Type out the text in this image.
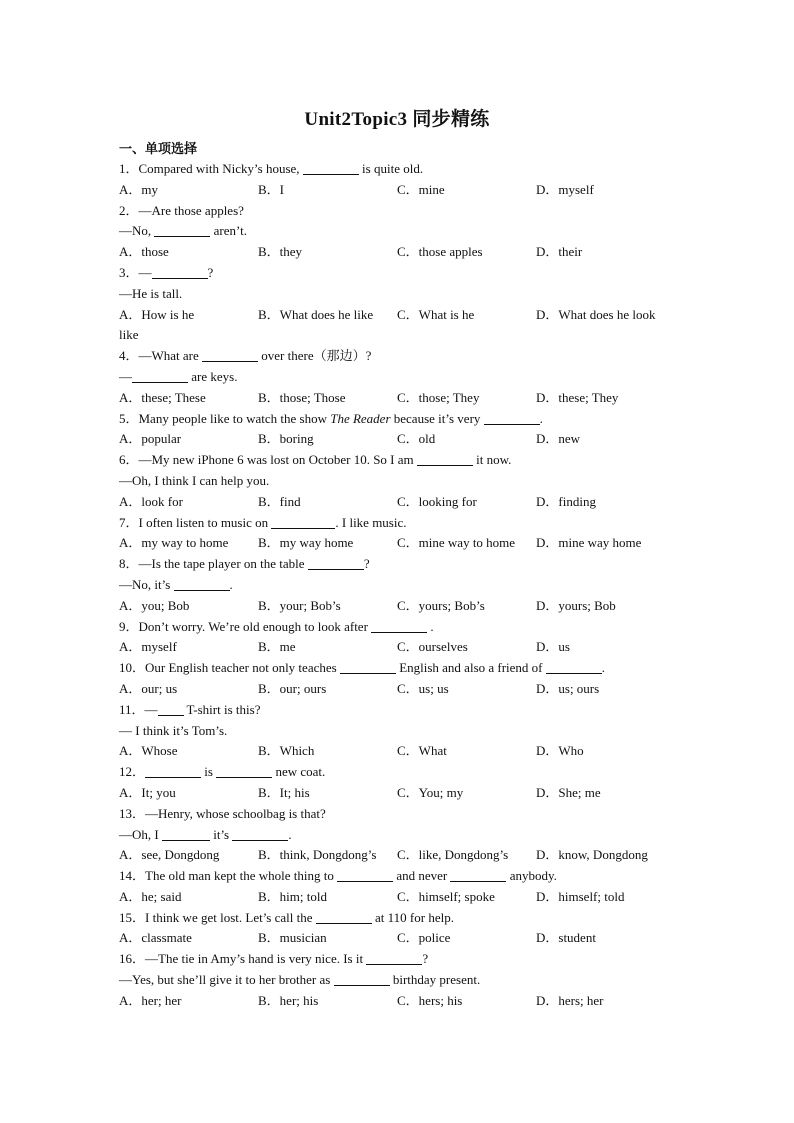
Unit2Topic3 同步精练
一、单项选择
1．Compared with Nicky’s house,	is quite old.
A．my	B．I	C．mine	D．myself
2．—Are those apples?
—No,	aren’t.
A．those	B．they	C．those apples	D．their
3．—	?
—He is tall.
A．How is he	B．What does he like C．What is he	D．What does he look
like
4．—What are	over there（那边）?
—	are keys.
A．these; These	B．those; Those	C．those; They	D．these; They
5．Many people like to watch the show The Reader because it’s very	.
A．popular	B．boring	C．old	D．new
6．—My new iPhone 6 was lost on October 10. So I am	it now.
—Oh, I think I can help you.
A．look for	B．find	C．looking for	D．finding
7．I often listen to music on	. I like music.
A．my way to home B．my way home	C．mine way to home D．mine way home
8．—Is the tape player on the table	?
—No, it’s	.
A．you; Bob	B．your; Bob’s	C．yours; Bob’s	D．yours; Bob
9．Don’t worry. We’re old enough to look after	.
A．myself	B．me	C．ourselves	D．us
10．Our English teacher not only teaches	English and also a friend of	.
A．our; us	B．our; ours	C．us; us	D．us; ours
11．— T-shirt is this?
— I think it’s Tom’s.
A．Whose	B．Which	C．What	D．Who
12．	is	new coat.
A．It; you	B．It; his	C．You; my	D．She; me
13．—Henry, whose schoolbag is that?
—Oh, I	it’s	.
A．see, Dongdong	B．think, Dongdong’s C．like, Dongdong’s D．know, Dongdong
14．The old man kept the whole thing to	and never	anybody.
A．he; said	B．him; told	C．himself; spoke	D．himself; told
15．I think we get lost. Let’s call the	at 110 for help.
A．classmate	B．musician	C．police	D．student
16．—The tie in Amy’s hand is very nice. Is it	?
—Yes, but she’ll give it to her brother as	birthday present.
A．her; her	B．her; his	C．hers; his	D．hers; her
